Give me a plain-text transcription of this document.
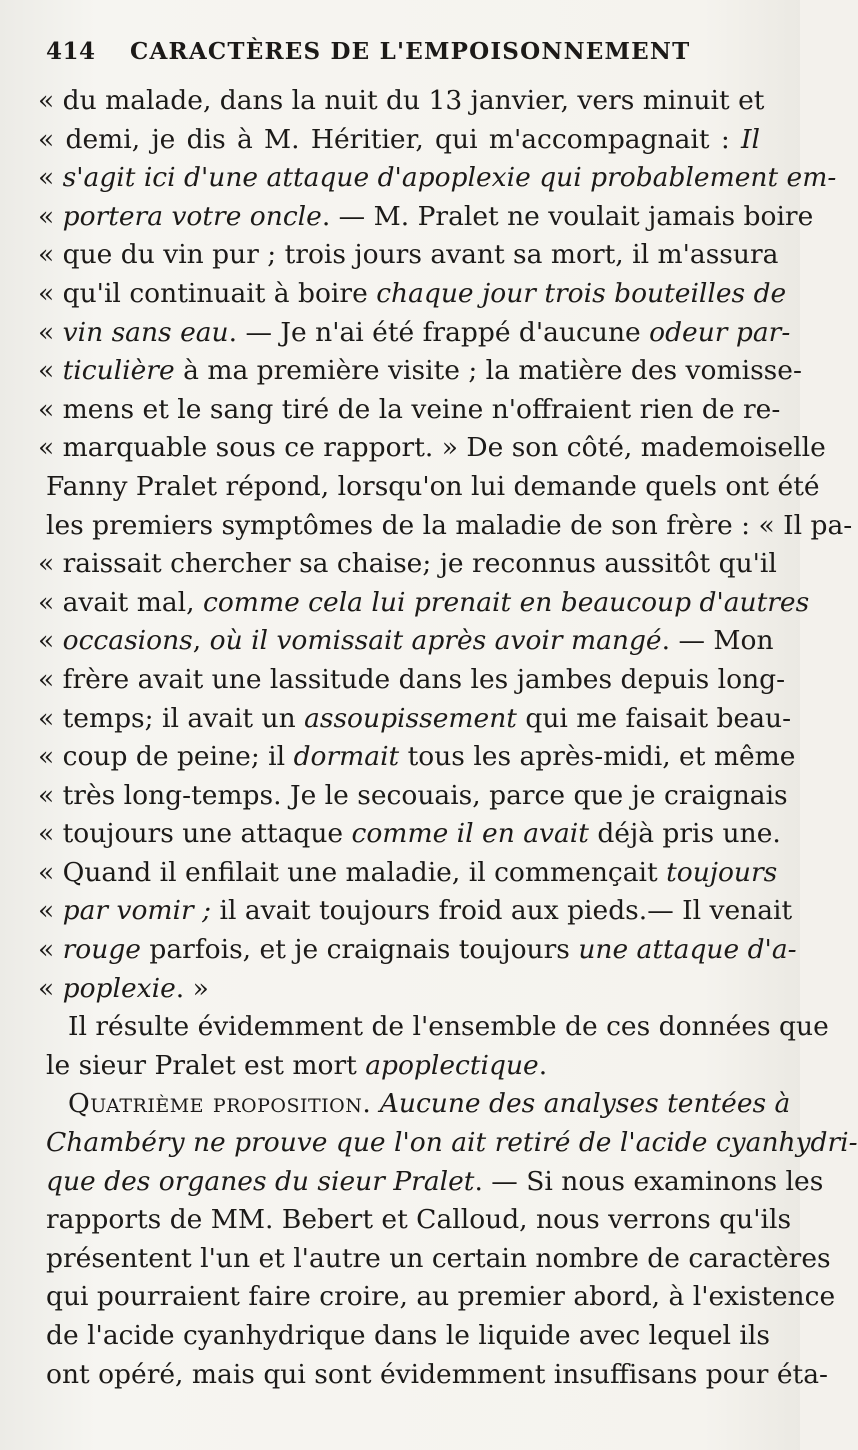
414	CARACTÈRES DE L'EMPOISONNEMENT
« du malade, dans la nuit du 13 janvier, vers minuit et
« demi, je dis à M. Héritier, qui m'accompagnait : Il
« s'agit ici d'une attaque d'apoplexie qui probablement em-
« portera votre oncle. — M. Pralet ne voulait jamais boire
« que du vin pur ; trois jours avant sa mort, il m'assura
« qu'il continuait à boire chaque jour trois bouteilles de
« vin sans eau. — Je n'ai été frappé d'aucune odeur par-
« ticulière à ma première visite ; la matière des vomisse-
« mens et le sang tiré de la veine n'offraient rien de re-
« marquable sous ce rapport. » De son côté, mademoiselle
Fanny Pralet répond, lorsqu'on lui demande quels ont été
les premiers symptômes de la maladie de son frère : « Il pa-
« raissait chercher sa chaise; je reconnus aussitôt qu'il
« avait mal, comme cela lui prenait en beaucoup d'autres
« occasions, où il vomissait après avoir mangé. — Mon
« frère avait une lassitude dans les jambes depuis long-
« temps; il avait un assoupissement qui me faisait beau-
« coup de peine; il dormait tous les après-midi, et même
« très long-temps. Je le secouais, parce que je craignais
« toujours une attaque comme il en avait déjà pris une.
« Quand il enfilait une maladie, il commençait toujours
« par vomir ; il avait toujours froid aux pieds.— Il venait
« rouge parfois, et je craignais toujours une attaque d'a-
« poplexie. »
Il résulte évidemment de l'ensemble de ces données que
le sieur Pralet est mort apoplectique.
Quatrième proposition. Aucune des analyses tentées à
Chambéry ne prouve que l'on ait retiré de l'acide cyanhydri-
que des organes du sieur Pralet. — Si nous examinons les
rapports de MM. Bebert et Calloud, nous verrons qu'ils
présentent l'un et l'autre un certain nombre de caractères
qui pourraient faire croire, au premier abord, à l'existence
de l'acide cyanhydrique dans le liquide avec lequel ils
ont opéré, mais qui sont évidemment insuffisans pour éta-
